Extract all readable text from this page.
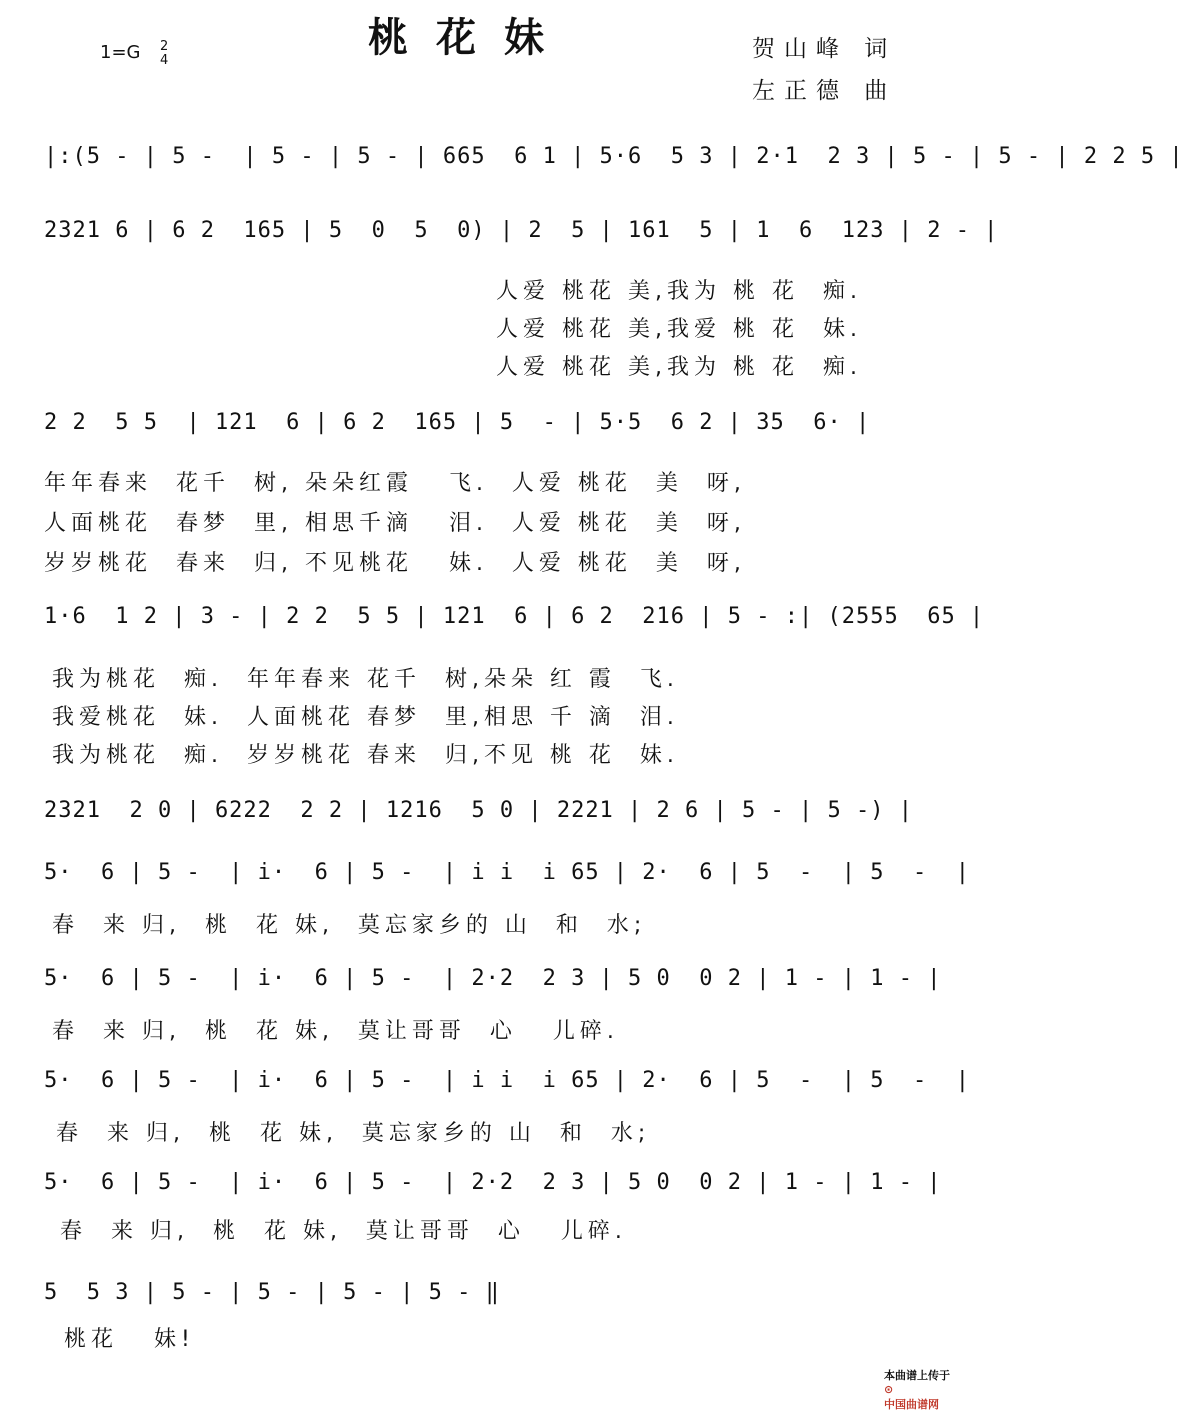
桃花妹
1=G 2
4	贺山峰 词
左正德 曲
|:(5 - | 5 -  | 5 - | 5 - | 665  6 1 | 5·6  5 3 | 2·1  2 3 | 5 - | 5 - | 2 2 5 |
2321 6 | 6 2  165 | 5  0  5  0) | 2  5 | 161  5 | 1  6  123 | 2 - |
人爱 桃花 美,我为 桃 花  痴.
人爱 桃花 美,我爱 桃 花  妹.
人爱 桃花 美,我为 桃 花  痴.
2 2  5 5  | 121  6 | 6 2  165 | 5  - | 5·5  6 2 | 35  6· |
年年春来  花千  树, 朵朵红霞   飞.  人爱 桃花  美  呀,
人面桃花  春梦  里, 相思千滴   泪.  人爱 桃花  美  呀,
岁岁桃花  春来  归, 不见桃花   妹.  人爱 桃花  美  呀,
1·6  1 2 | 3 - | 2 2  5 5 | 121  6 | 6 2  216 | 5 - :| (2555  65 |
我为桃花  痴.  年年春来 花千  树,朵朵 红 霞  飞.
我爱桃花  妹.  人面桃花 春梦  里,相思 千 滴  泪.
我为桃花  痴.  岁岁桃花 春来  归,不见 桃 花  妹.
2321  2 0 | 6222  2 2 | 1216  5 0 | 2221 | 2 6 | 5 - | 5 -) |
5·  6 | 5 -  | i·  6 | 5 -  | i i  i 65 | 2·  6 | 5  -  | 5  -  |
春  来 归,  桃  花 妹,  莫忘家乡的 山  和  水;
5·  6 | 5 -  | i·  6 | 5 -  | 2·2  2 3 | 5 0  0 2 | 1 - | 1 - |
春  来 归,  桃  花 妹,  莫让哥哥  心   儿碎.
5·  6 | 5 -  | i·  6 | 5 -  | i i  i 65 | 2·  6 | 5  -  | 5  -  |
春  来 归,  桃  花 妹,  莫忘家乡的 山  和  水;
5·  6 | 5 -  | i·  6 | 5 -  | 2·2  2 3 | 5 0  0 2 | 1 - | 1 - |
春  来 归,  桃  花 妹,  莫让哥哥  心   儿碎.
5  5 3 | 5 - | 5 - | 5 - | 5 - ‖
桃花   妹!

本曲谱上传于
⊙
中国曲谱网
